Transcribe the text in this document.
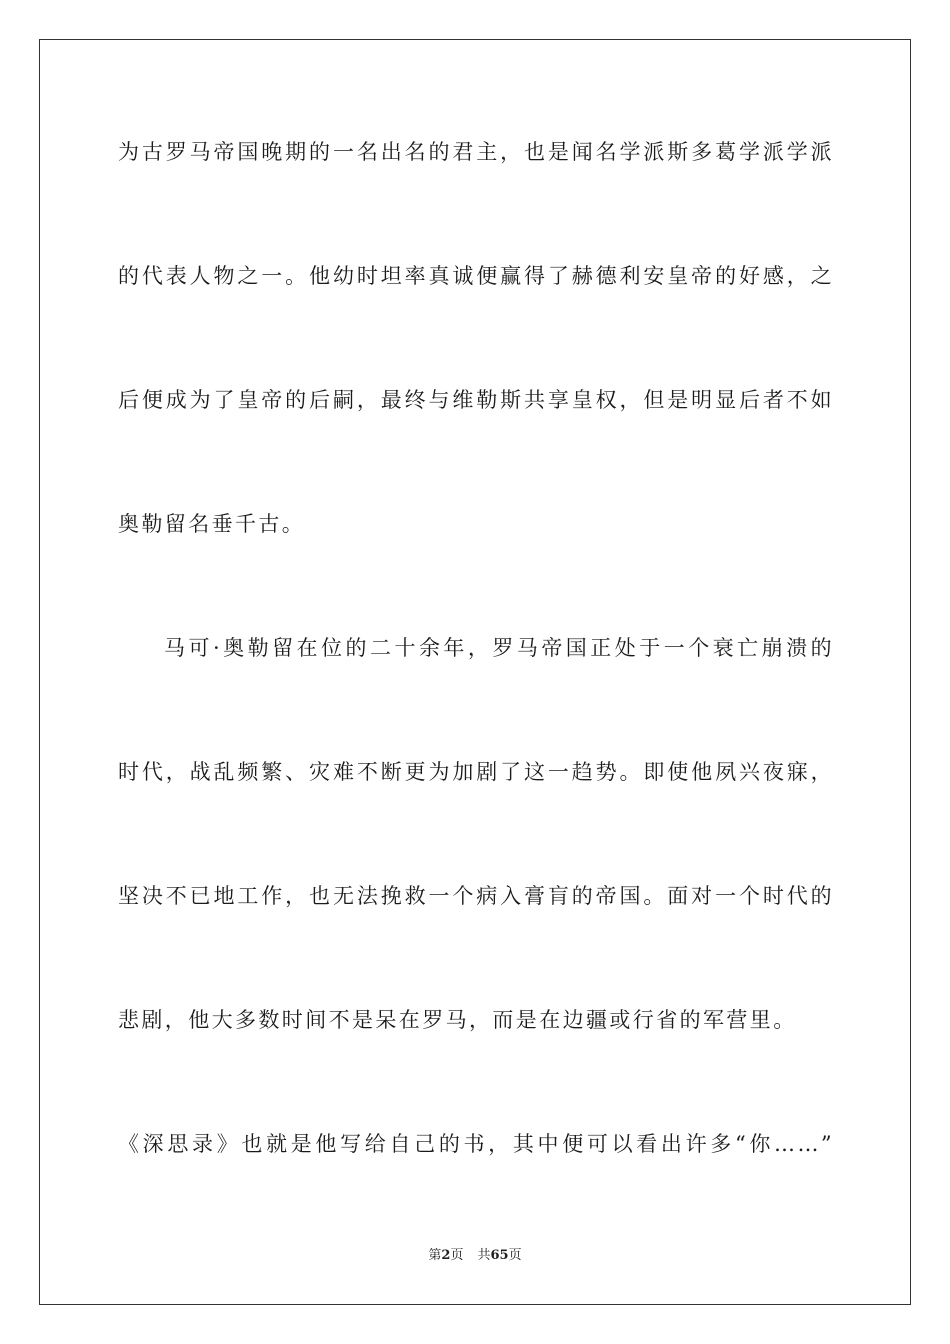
为古罗马帝国晚期的一名出名的君主，也是闻名学派斯多葛学派学派
的代表人物之一。他幼时坦率真诚便赢得了赫德利安皇帝的好感，之
后便成为了皇帝的后嗣，最终与维勒斯共享皇权，但是明显后者不如
奥勒留名垂千古。
马可·奥勒留在位的二十余年，罗马帝国正处于一个衰亡崩溃的
时代，战乱频繁、灾难不断更为加剧了这一趋势。即使他夙兴夜寐，
坚决不已地工作，也无法挽救一个病入膏肓的帝国。面对一个时代的
悲剧，他大多数时间不是呆在罗马，而是在边疆或行省的军营里。
《深思录》也就是他写给自己的书，其中便可以看出许多“你……”
第2页 共65页
